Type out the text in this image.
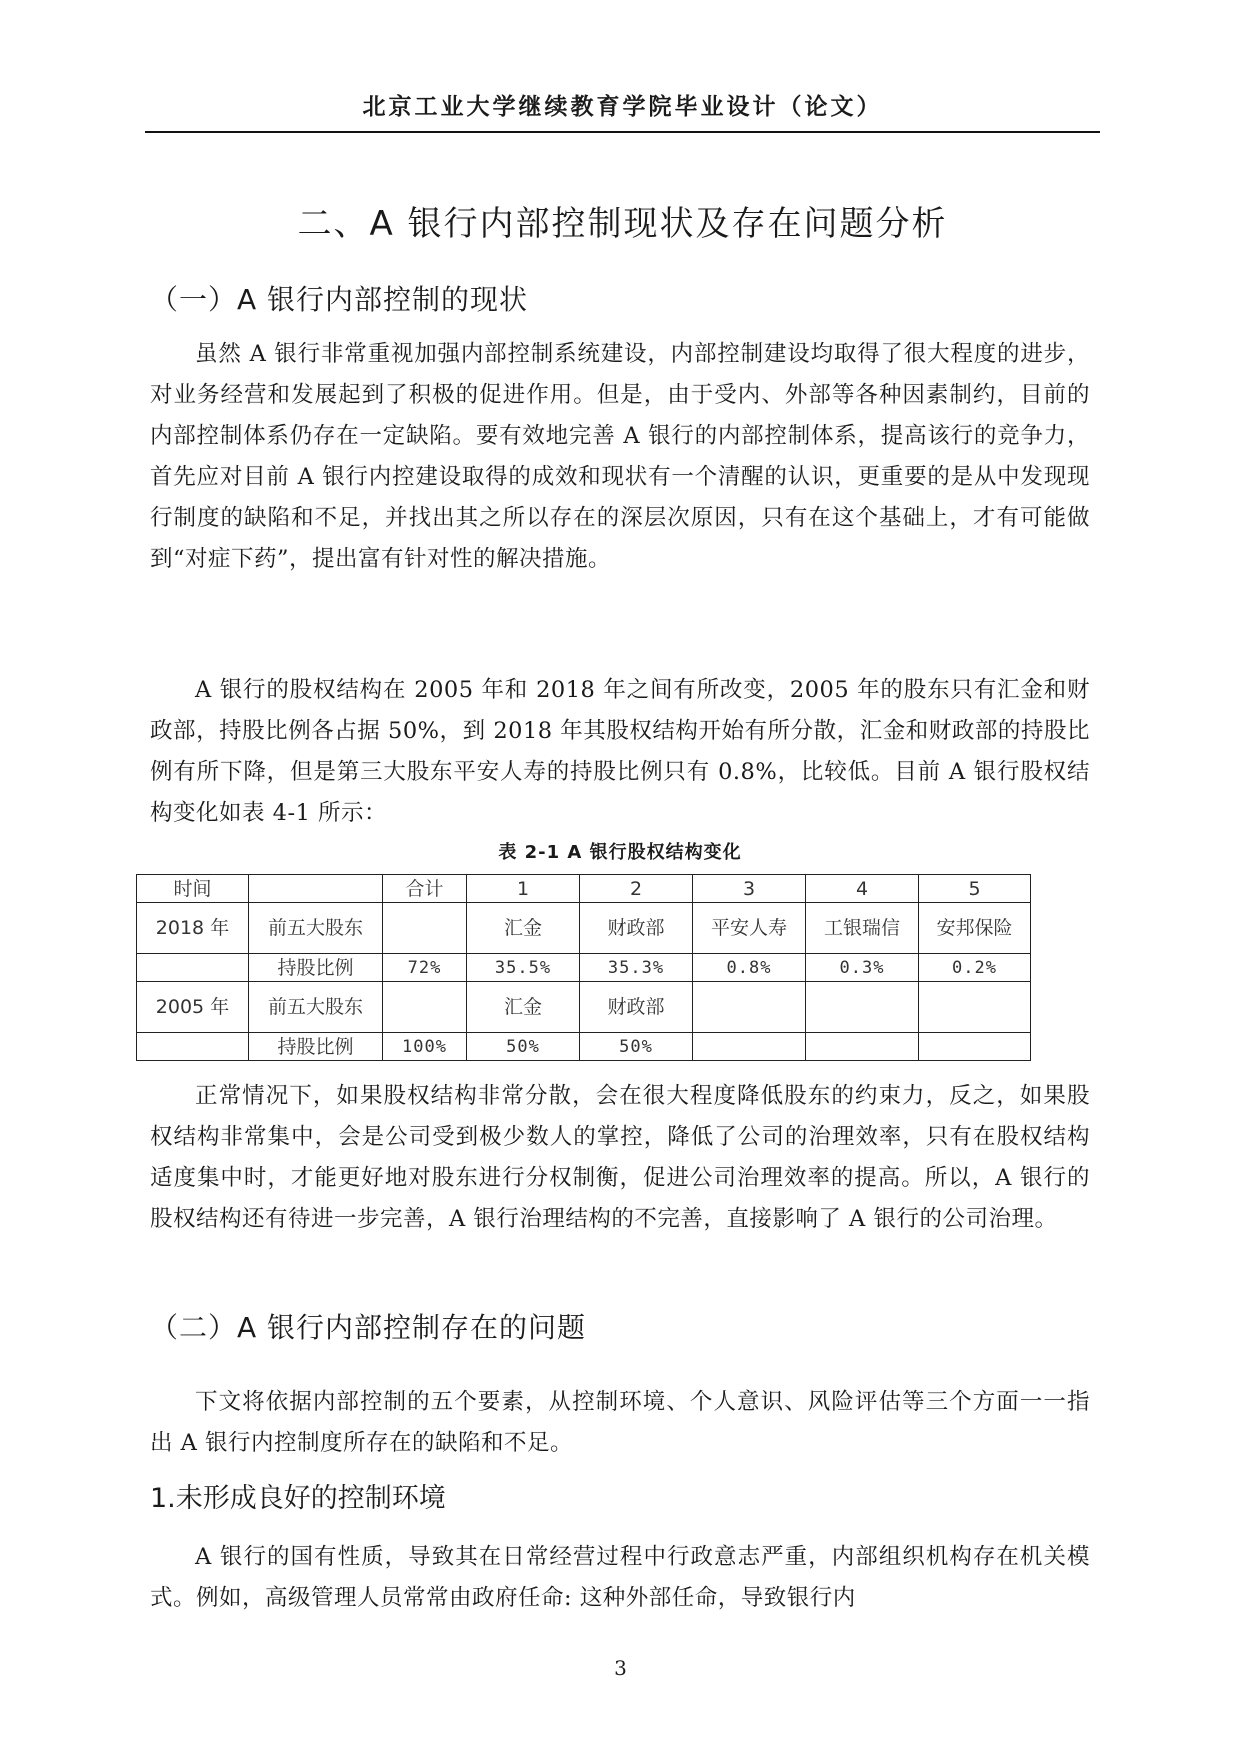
北京工业大学继续教育学院毕业设计（论文）
二、A 银行内部控制现状及存在问题分析
（一）A 银行内部控制的现状

虽然 A 银行非常重视加强内部控制系统建设，内部控制建设均取得了很大程度的进步，对业务经营和发展起到了积极的促进作用。但是，由于受内、外部等各种因素制约，目前的内部控制体系仍存在一定缺陷。要有效地完善 A 银行的内部控制体系，提高该行的竞争力，首先应对目前 A 银行内控建设取得的成效和现状有一个清醒的认识，更重要的是从中发现现行制度的缺陷和不足，并找出其之所以存在的深层次原因，只有在这个基础上，才有可能做到“对症下药”，提出富有针对性的解决措施。

A 银行的股权结构在 2005 年和 2018 年之间有所改变，2005 年的股东只有汇金和财政部，持股比例各占据 50%，到 2018 年其股权结构开始有所分散，汇金和财政部的持股比例有所下降，但是第三大股东平安人寿的持股比例只有 0.8%，比较低。目前 A 银行股权结构变化如表 4-1 所示：

表 2-1 A 银行股权结构变化
时间		合计	1	2	3	4	5
2018 年	前五大股东		汇金	财政部	平安人寿	工银瑞信	安邦保险
	持股比例	72%	35.5%	35.3%	0.8%	0.3%	0.2%
2005 年	前五大股东		汇金	财政部			
	持股比例	100%	50%	50%			

正常情况下，如果股权结构非常分散，会在很大程度降低股东的约束力，反之，如果股权结构非常集中，会是公司受到极少数人的掌控，降低了公司的治理效率，只有在股权结构适度集中时，才能更好地对股东进行分权制衡，促进公司治理效率的提高。所以，A 银行的股权结构还有待进一步完善，A 银行治理结构的不完善，直接影响了 A 银行的公司治理。

（二）A 银行内部控制存在的问题

下文将依据内部控制的五个要素，从控制环境、个人意识、风险评估等三个方面一一指出 A 银行内控制度所存在的缺陷和不足。

1.未形成良好的控制环境

A 银行的国有性质，导致其在日常经营过程中行政意志严重，内部组织机构存在机关模式。例如，高级管理人员常常由政府任命: 这种外部任命，导致银行内

3
